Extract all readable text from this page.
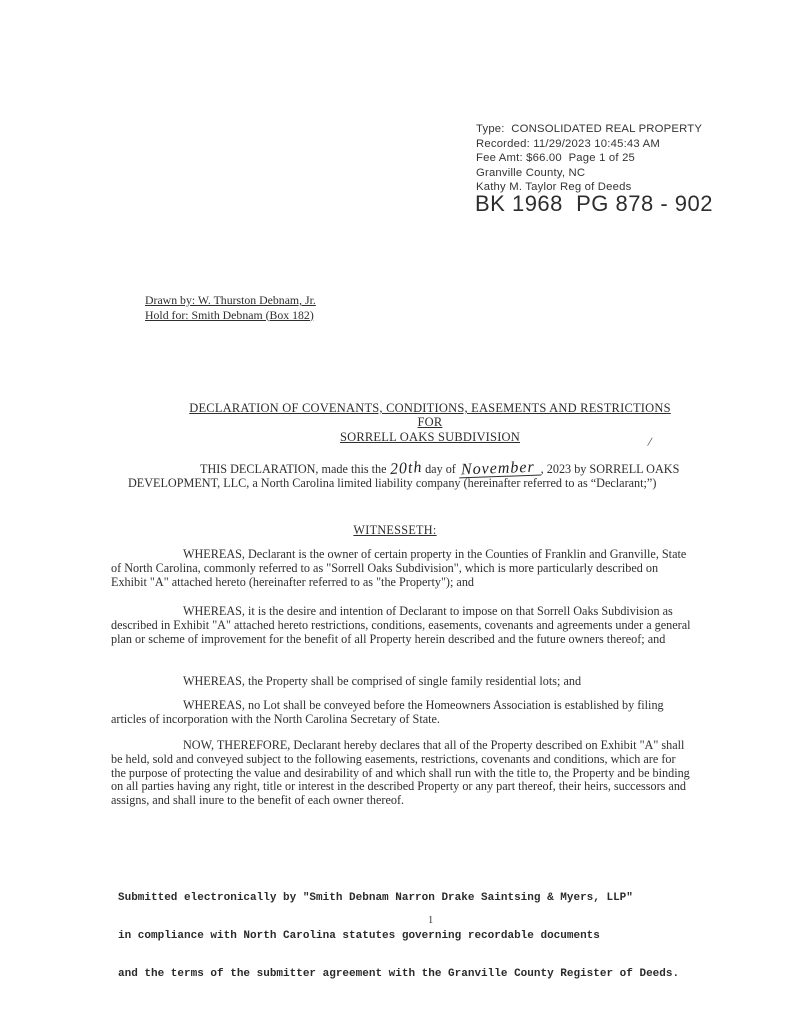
Type:  CONSOLIDATED REAL PROPERTY
Recorded: 11/29/2023 10:45:43 AM
Fee Amt: $66.00  Page 1 of 25
Granville County, NC
Kathy M. Taylor Reg of Deeds
BK 1968  PG 878 - 902
Drawn by: W. Thurston Debnam, Jr.
Hold for: Smith Debnam (Box 182)
DECLARATION OF COVENANTS, CONDITIONS, EASEMENTS AND RESTRICTIONS
FOR
SORRELL OAKS SUBDIVISION	/
THIS DECLARATION, made this the 20th day of November , 2023 by SORRELL OAKS DEVELOPMENT, LLC, a North Carolina limited liability company (hereinafter referred to as “Declarant;”)
WITNESSETH:
WHEREAS, Declarant is the owner of certain property in the Counties of Franklin and Granville, State of North Carolina, commonly referred to as "Sorrell Oaks Subdivision", which is more particularly described on Exhibit "A" attached hereto (hereinafter referred to as "the Property"); and
WHEREAS, it is the desire and intention of Declarant to impose on that Sorrell Oaks Subdivision as described in Exhibit "A" attached hereto restrictions, conditions, easements, covenants and agreements under a general plan or scheme of improvement for the benefit of all Property herein described and the future owners thereof; and
WHEREAS, the Property shall be comprised of single family residential lots; and
WHEREAS, no Lot shall be conveyed before the Homeowners Association is established by filing articles of incorporation with the North Carolina Secretary of State.
NOW, THEREFORE, Declarant hereby declares that all of the Property described on Exhibit "A" shall be held, sold and conveyed subject to the following easements, restrictions, covenants and conditions, which are for the purpose of protecting the value and desirability of and which shall run with the title to, the Property and be binding on all parties having any right, title or interest in the described Property or any part thereof, their heirs, successors and assigns, and shall inure to the benefit of each owner thereof.

Submitted electronically by "Smith Debnam Narron Drake Saintsing & Myers, LLP"

in compliance with North Carolina statutes governing recordable documents

and the terms of the submitter agreement with the Granville County Register of Deeds.

1
